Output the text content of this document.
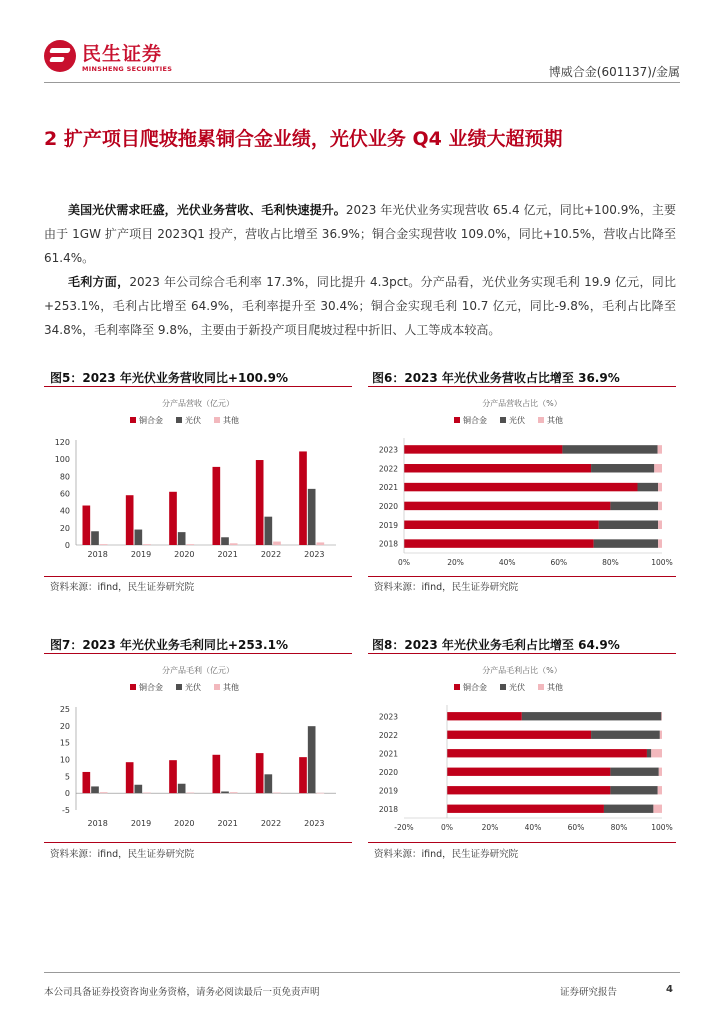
民生证券
MINSHENG SECURITIES	博威合金(601137)/金属
2 扩产项目爬坡拖累铜合金业绩，光伏业务 Q4 业绩大超预期
美国光伏需求旺盛，光伏业务营收、毛利快速提升。2023 年光伏业务实现营收 65.4 亿元，同比+100.9%，主要由于 1GW 扩产项目 2023Q1 投产，营收占比增至 36.9%；铜合金实现营收 109.0%，同比+10.5%，营收占比降至 61.4%。
毛利方面，2023 年公司综合毛利率 17.3%，同比提升 4.3pct。分产品看，光伏业务实现毛利 19.9 亿元，同比+253.1%，毛利占比增至 64.9%，毛利率提升至 30.4%；铜合金实现毛利 10.7 亿元，同比-9.8%，毛利占比降至 34.8%，毛利率降至 9.8%，主要由于新投产项目爬坡过程中折旧、人工等成本较高。
图5：2023 年光伏业务营收同比+100.9%
分产品营收（亿元）
铜合金	光伏	其他
0
20
40
60
80
100
120
2018	2019	2020	2021	2022	2023
资料来源：ifind，民生证券研究院
图6：2023 年光伏业务营收占比增至 36.9%
分产品营收占比（%）
铜合金	光伏	其他
2023
2022
2021
2020
2019
2018
0%	20%	40%	60%	80%	100%
资料来源：ifind，民生证券研究院
图7：2023 年光伏业务毛利同比+253.1%
分产品毛利（亿元）
铜合金	光伏	其他
-5
0
5
10
15
20
25
2018	2019	2020	2021	2022	2023
资料来源：ifind，民生证券研究院
图8：2023 年光伏业务毛利占比增至 64.9%
分产品毛利占比（%）
铜合金	光伏	其他
2023
2022
2021
2020
2019
2018
-20%	0%	20%	40%	60%	80%	100%
资料来源：ifind，民生证券研究院
本公司具备证券投资咨询业务资格，请务必阅读最后一页免责声明	证券研究报告	4
